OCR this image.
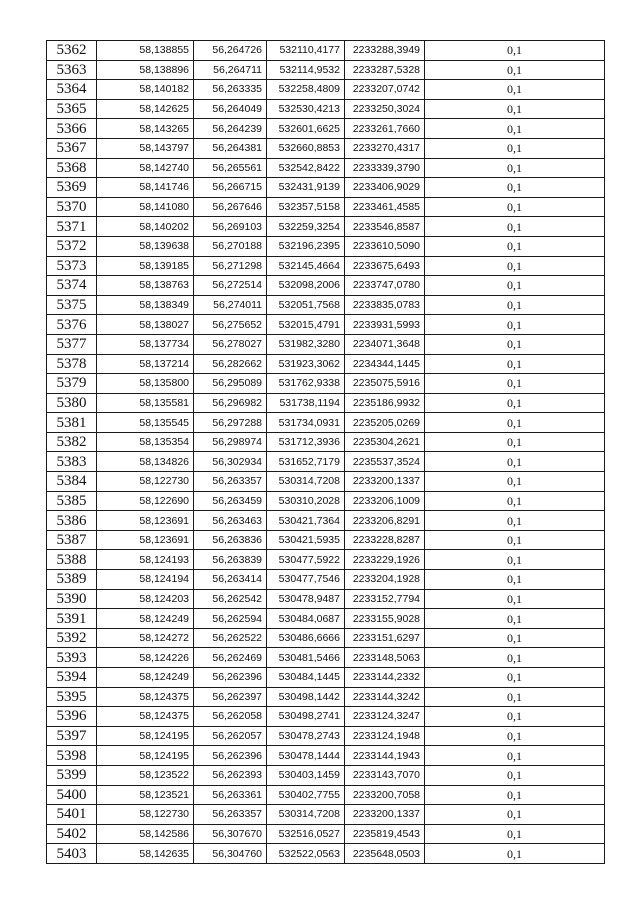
5362	58,138855	56,264726	532110,4177	2233288,3949	0,1
5363	58,138896	56,264711	532114,9532	2233287,5328	0,1
5364	58,140182	56,263335	532258,4809	2233207,0742	0,1
5365	58,142625	56,264049	532530,4213	2233250,3024	0,1
5366	58,143265	56,264239	532601,6625	2233261,7660	0,1
5367	58,143797	56,264381	532660,8853	2233270,4317	0,1
5368	58,142740	56,265561	532542,8422	2233339,3790	0,1
5369	58,141746	56,266715	532431,9139	2233406,9029	0,1
5370	58,141080	56,267646	532357,5158	2233461,4585	0,1
5371	58,140202	56,269103	532259,3254	2233546,8587	0,1
5372	58,139638	56,270188	532196,2395	2233610,5090	0,1
5373	58,139185	56,271298	532145,4664	2233675,6493	0,1
5374	58,138763	56,272514	532098,2006	2233747,0780	0,1
5375	58,138349	56,274011	532051,7568	2233835,0783	0,1
5376	58,138027	56,275652	532015,4791	2233931,5993	0,1
5377	58,137734	56,278027	531982,3280	2234071,3648	0,1
5378	58,137214	56,282662	531923,3062	2234344,1445	0,1
5379	58,135800	56,295089	531762,9338	2235075,5916	0,1
5380	58,135581	56,296982	531738,1194	2235186,9932	0,1
5381	58,135545	56,297288	531734,0931	2235205,0269	0,1
5382	58,135354	56,298974	531712,3936	2235304,2621	0,1
5383	58,134826	56,302934	531652,7179	2235537,3524	0,1
5384	58,122730	56,263357	530314,7208	2233200,1337	0,1
5385	58,122690	56,263459	530310,2028	2233206,1009	0,1
5386	58,123691	56,263463	530421,7364	2233206,8291	0,1
5387	58,123691	56,263836	530421,5935	2233228,8287	0,1
5388	58,124193	56,263839	530477,5922	2233229,1926	0,1
5389	58,124194	56,263414	530477,7546	2233204,1928	0,1
5390	58,124203	56,262542	530478,9487	2233152,7794	0,1
5391	58,124249	56,262594	530484,0687	2233155,9028	0,1
5392	58,124272	56,262522	530486,6666	2233151,6297	0,1
5393	58,124226	56,262469	530481,5466	2233148,5063	0,1
5394	58,124249	56,262396	530484,1445	2233144,2332	0,1
5395	58,124375	56,262397	530498,1442	2233144,3242	0,1
5396	58,124375	56,262058	530498,2741	2233124,3247	0,1
5397	58,124195	56,262057	530478,2743	2233124,1948	0,1
5398	58,124195	56,262396	530478,1444	2233144,1943	0,1
5399	58,123522	56,262393	530403,1459	2233143,7070	0,1
5400	58,123521	56,263361	530402,7755	2233200,7058	0,1
5401	58,122730	56,263357	530314,7208	2233200,1337	0,1
5402	58,142586	56,307670	532516,0527	2235819,4543	0,1
5403	58,142635	56,304760	532522,0563	2235648,0503	0,1
